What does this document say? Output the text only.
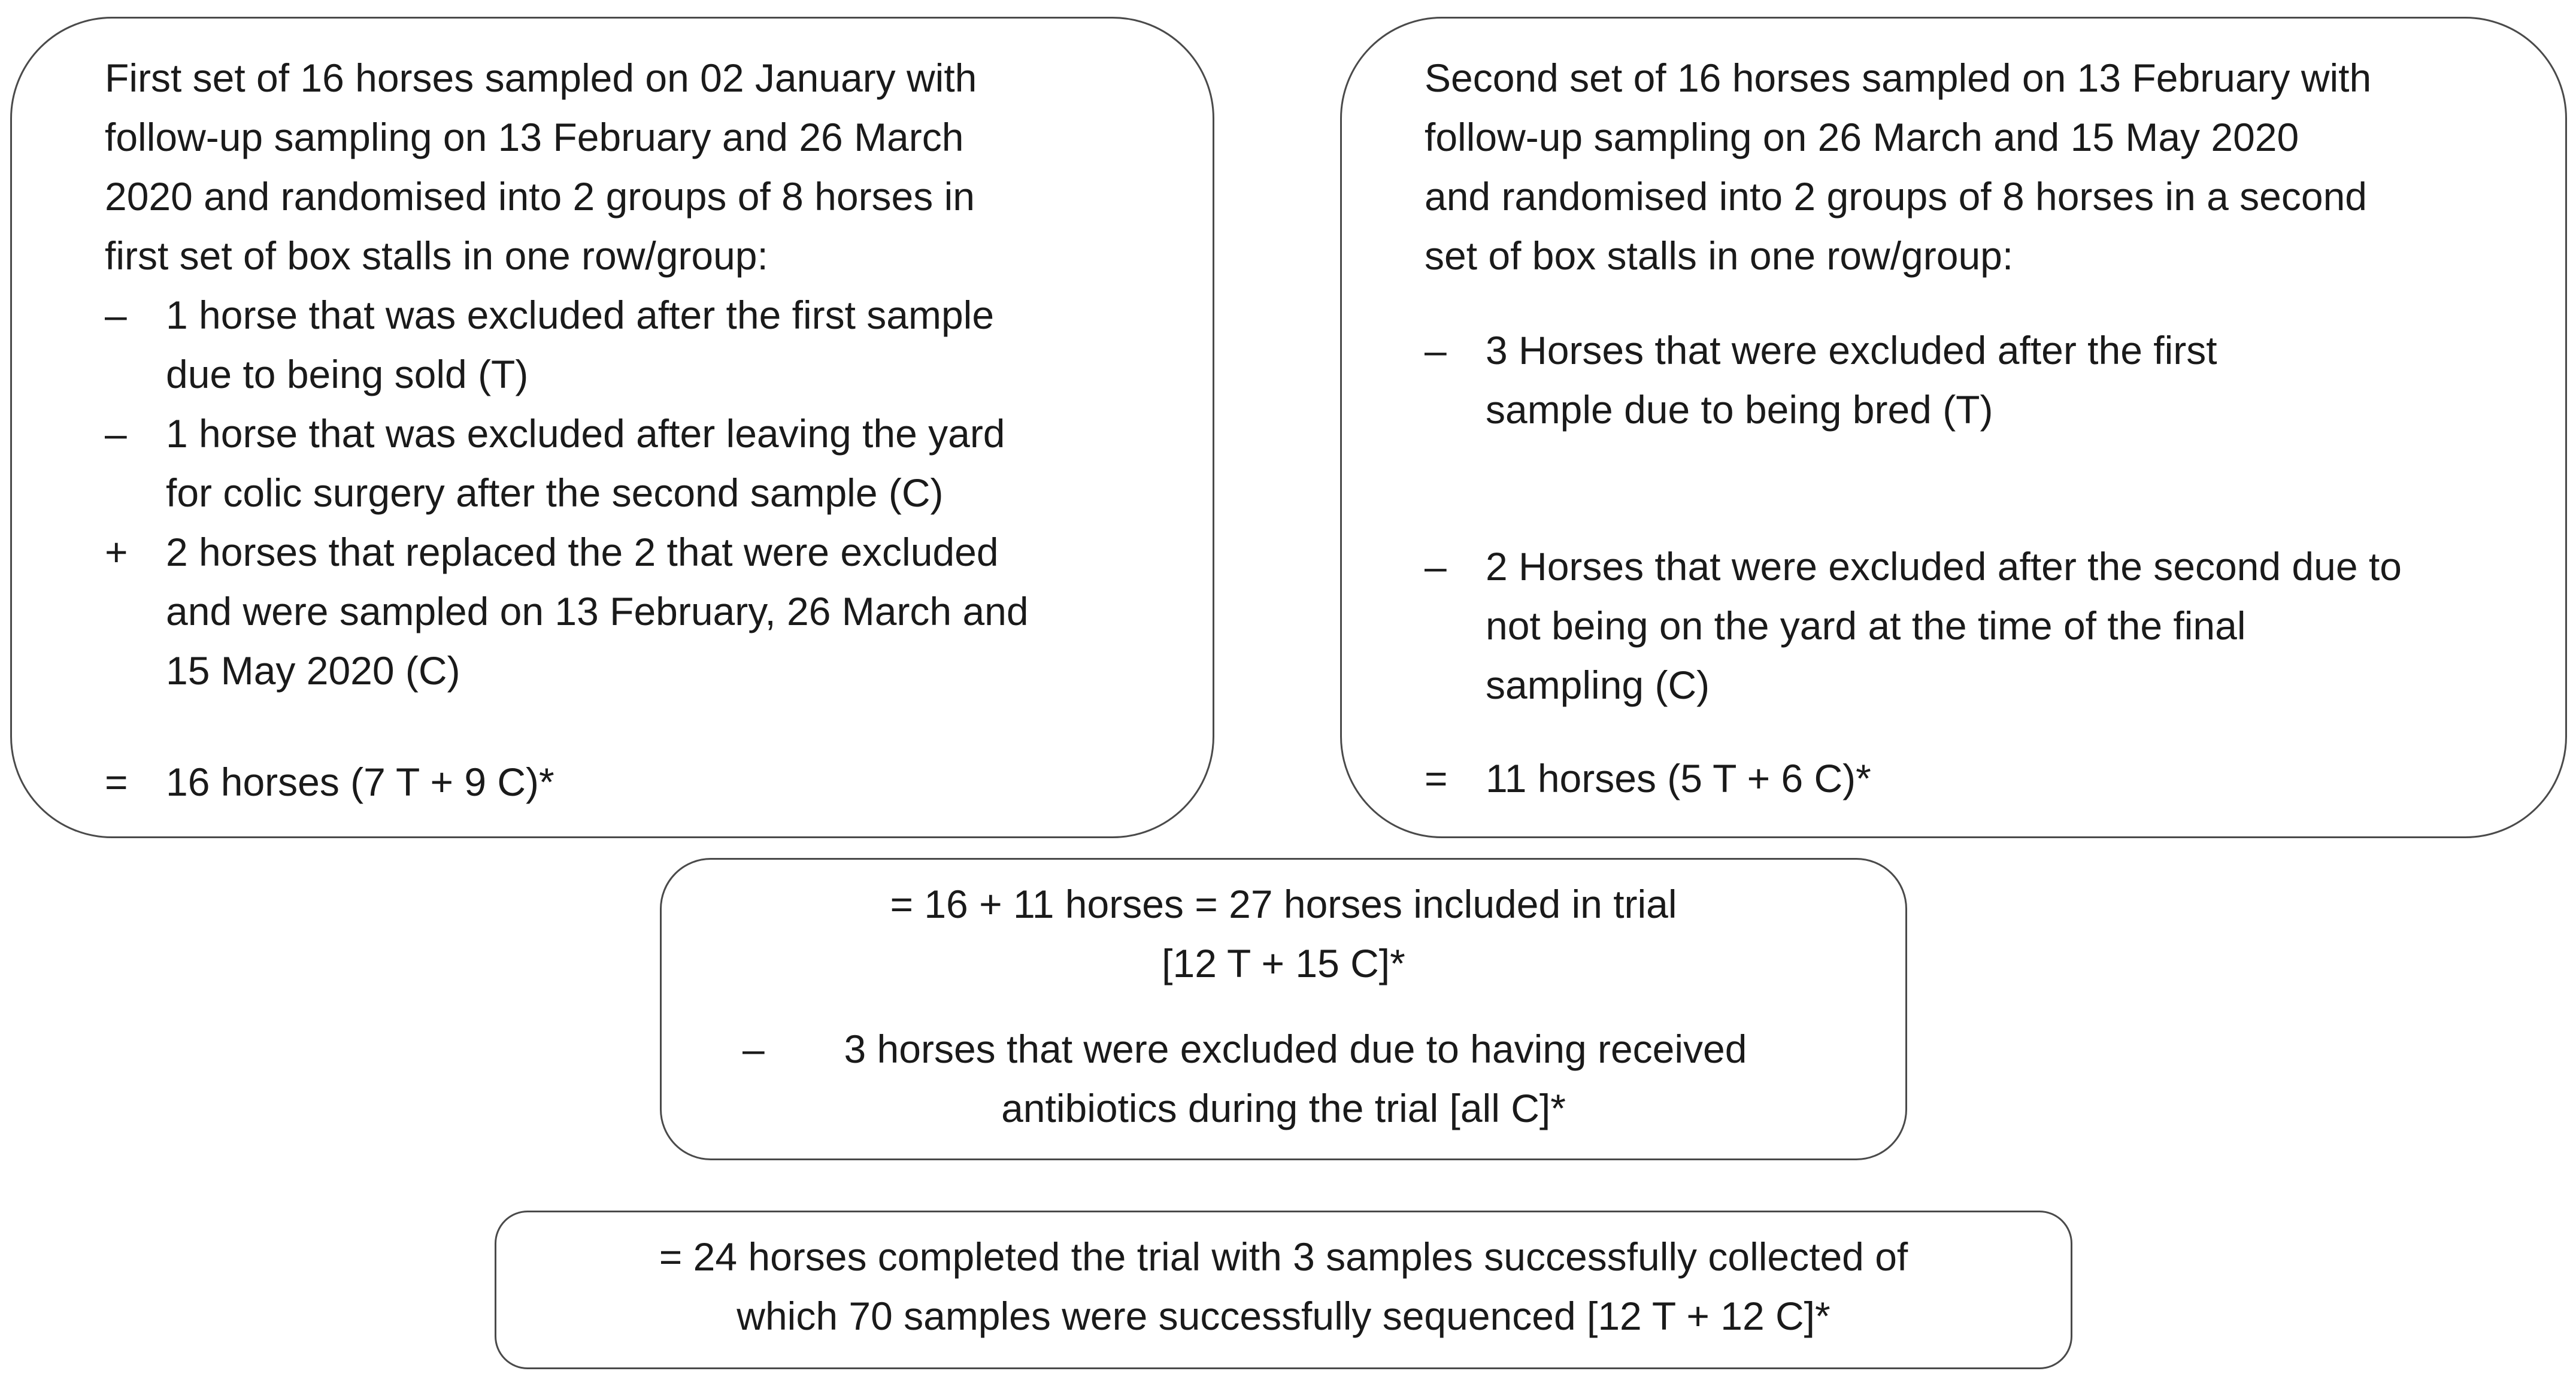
First set of 16 horses sampled on 02 January with

follow-up sampling on 13 February and 26 March

2020 and randomised into 2 groups of 8 horses in

first set of box stalls in one row/group:

– 1 horse that was excluded after the first sample

due to being sold (T)

– 1 horse that was excluded after leaving the yard

for colic surgery after the second sample (C)

+ 2 horses that replaced the 2 that were excluded

and were sampled on 13 February, 26 March and

15 May 2020 (C)

= 16 horses (7 T + 9 C)*

Second set of 16 horses sampled on 13 February with

follow-up sampling on 26 March and 15 May 2020

and randomised into 2 groups of 8 horses in a second

set of box stalls in one row/group:

– 3 Horses that were excluded after the first

sample due to being bred (T)

– 2 Horses that were excluded after the second due to

not being on the yard at the time of the final

sampling (C)

= 11 horses (5 T + 6 C)*

= 16 + 11 horses = 27 horses included in trial

[12 T + 15 C]*

–	3 horses that were excluded due to having received

antibiotics during the trial [all C]*

= 24 horses completed the trial with 3 samples successfully collected of

which 70 samples were successfully sequenced [12 T + 12 C]*
